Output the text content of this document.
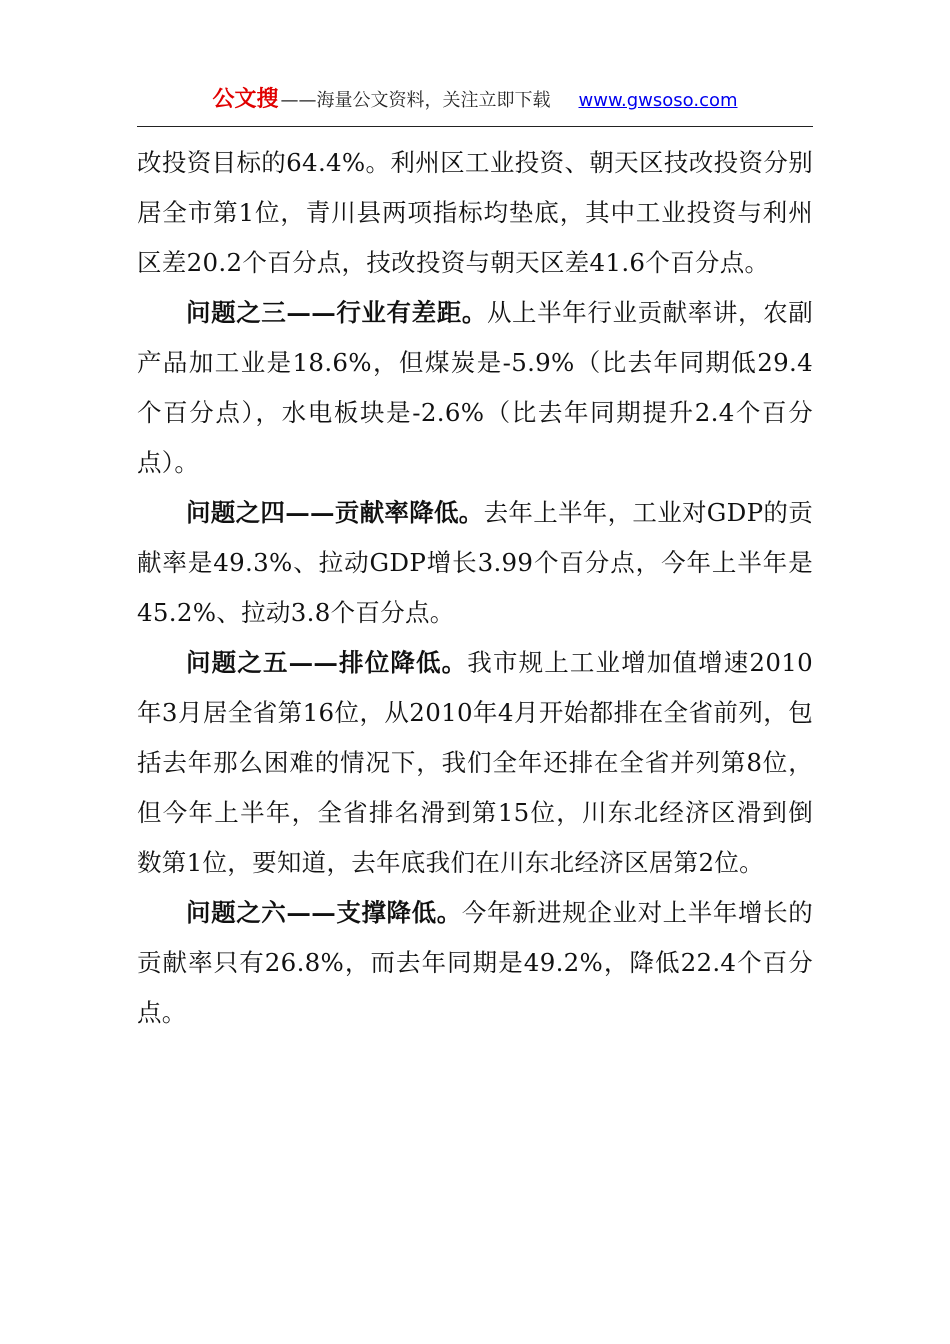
公文搜 ——海量公文资料，关注立即下载 www.gwsoso.com

改投资目标的64.4%。利州区工业投资、朝天区技改投资分别居全市第1位，青川县两项指标均垫底，其中工业投资与利州区差20.2个百分点，技改投资与朝天区差41.6个百分点。

问题之三——行业有差距。从上半年行业贡献率讲，农副产品加工业是18.6%，但煤炭是-5.9%（比去年同期低29.4个百分点），水电板块是-2.6%（比去年同期提升2.4个百分点）。

问题之四——贡献率降低。去年上半年，工业对GDP的贡献率是49.3%、拉动GDP增长3.99个百分点，今年上半年是45.2%、拉动3.8个百分点。

问题之五——排位降低。我市规上工业增加值增速2010年3月居全省第16位，从2010年4月开始都排在全省前列，包括去年那么困难的情况下，我们全年还排在全省并列第8位，但今年上半年，全省排名滑到第15位，川东北经济区滑到倒数第1位，要知道，去年底我们在川东北经济区居第2位。

问题之六——支撑降低。今年新进规企业对上半年增长的贡献率只有26.8%，而去年同期是49.2%，降低22.4个百分点。
